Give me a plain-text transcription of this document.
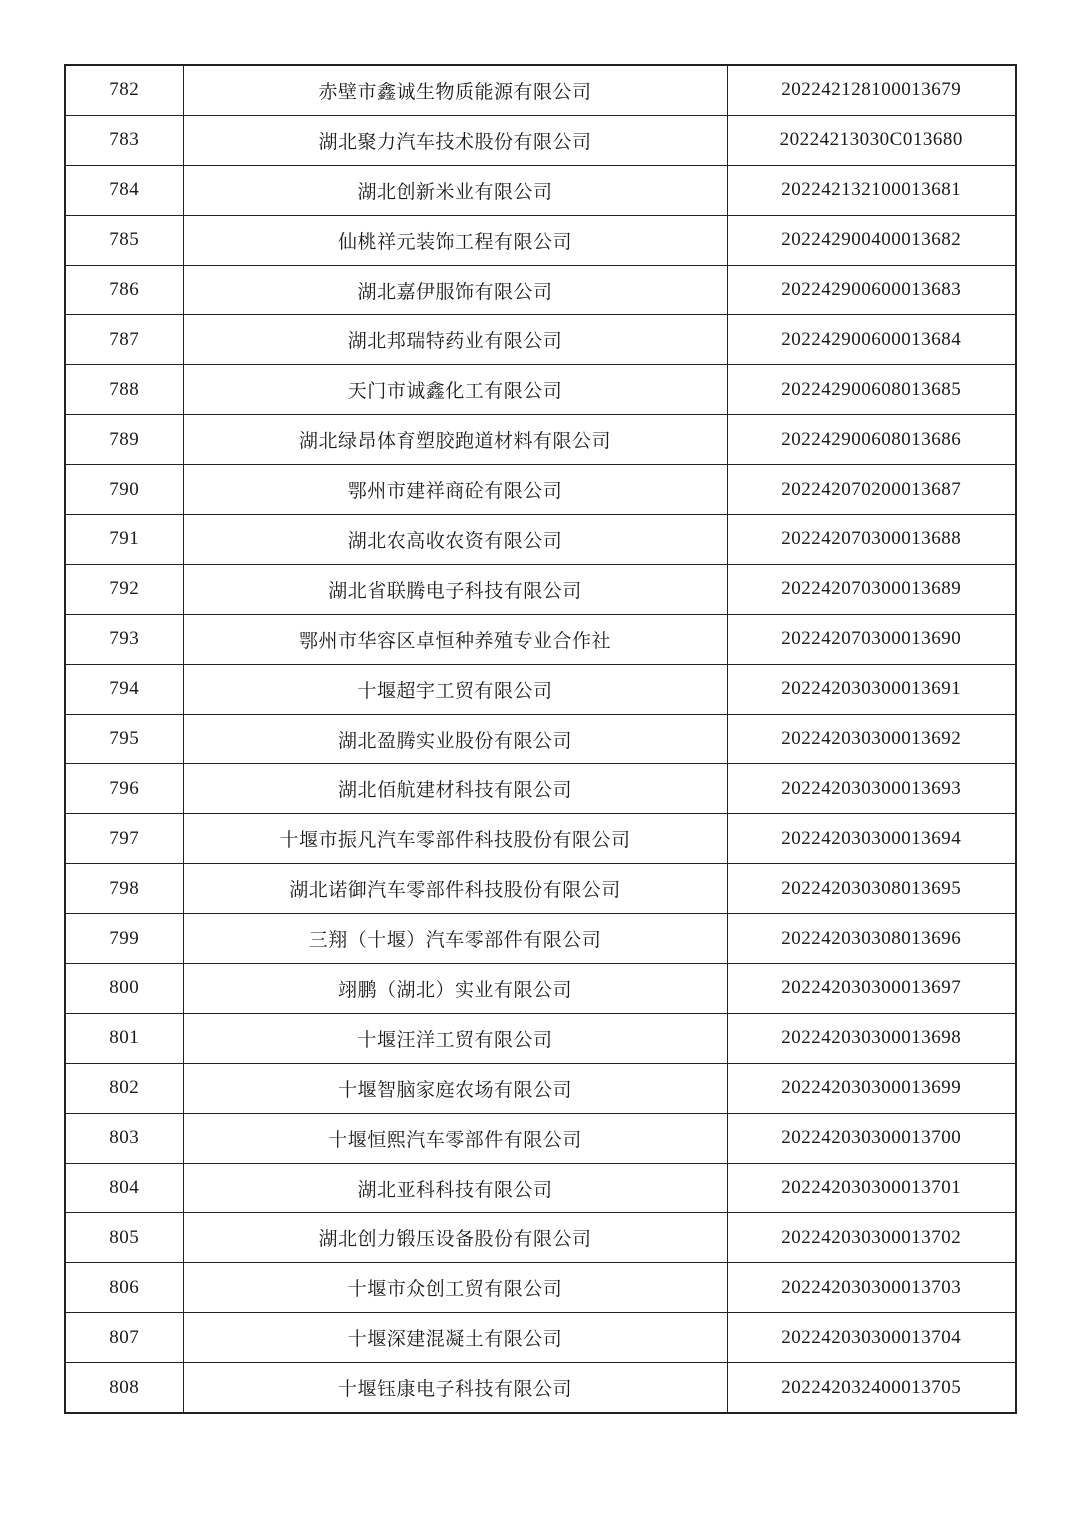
782	赤壁市鑫诚生物质能源有限公司	202242128100013679
783	湖北聚力汽车技术股份有限公司	20224213030C013680
784	湖北创新米业有限公司	202242132100013681
785	仙桃祥元装饰工程有限公司	202242900400013682
786	湖北嘉伊服饰有限公司	202242900600013683
787	湖北邦瑞特药业有限公司	202242900600013684
788	天门市诚鑫化工有限公司	202242900608013685
789	湖北绿昂体育塑胶跑道材料有限公司	202242900608013686
790	鄂州市建祥商砼有限公司	202242070200013687
791	湖北农高收农资有限公司	202242070300013688
792	湖北省联腾电子科技有限公司	202242070300013689
793	鄂州市华容区卓恒种养殖专业合作社	202242070300013690
794	十堰超宇工贸有限公司	202242030300013691
795	湖北盈腾实业股份有限公司	202242030300013692
796	湖北佰航建材科技有限公司	202242030300013693
797	十堰市振凡汽车零部件科技股份有限公司	202242030300013694
798	湖北诺御汽车零部件科技股份有限公司	202242030308013695
799	三翔（十堰）汽车零部件有限公司	202242030308013696
800	翊鹏（湖北）实业有限公司	202242030300013697
801	十堰汪洋工贸有限公司	202242030300013698
802	十堰智脑家庭农场有限公司	202242030300013699
803	十堰恒熙汽车零部件有限公司	202242030300013700
804	湖北亚科科技有限公司	202242030300013701
805	湖北创力锻压设备股份有限公司	202242030300013702
806	十堰市众创工贸有限公司	202242030300013703
807	十堰深建混凝土有限公司	202242030300013704
808	十堰钰康电子科技有限公司	202242032400013705
